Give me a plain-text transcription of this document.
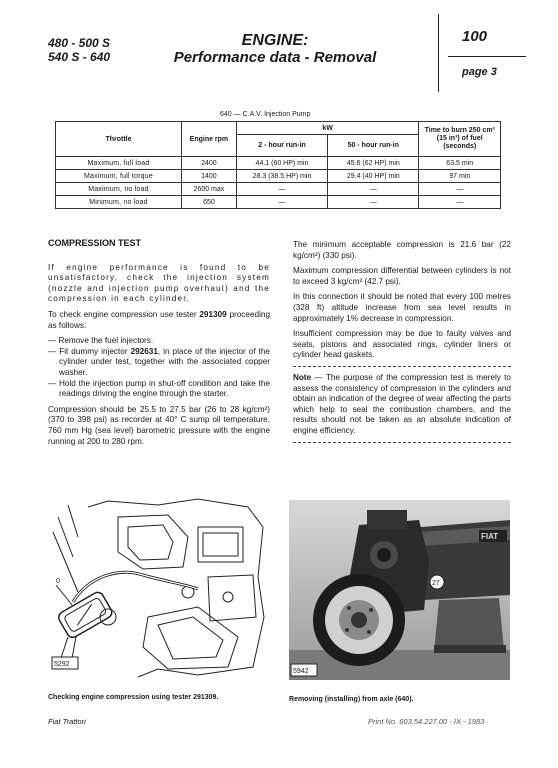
480 - 500 S
540 S - 640
ENGINE:
Performance data - Removal
100
page 3
640 — C.A.V. Injection Pump
Throttle	Engine rpm	kW		Time to burn 250 cm³ (15 in³) of fuel (seconds)
		2 - hour run-in	50 - hour run-in	
Maximum, full load	2400	44.1 (60 HP) min	45.6 (62 HP) min	63.5 min
Maximum, full torque	1400	28.3 (38.5 HP) min	29.4 (40 HP) min	97 min
Maximum, no load	2600 max	—	—	—
Minimum, no load	650	—	—	—

COMPRESSION TEST

If engine performance is found to be unsatisfactory, check the injection system (nozzle and injection pump overhaul) and the compression in each cylinder.

To check engine compression use tester 291309 proceeding as follows:

— Remove the fuel injectors.
— Fit dummy injector 292631, in place of the injector of the cylinder under test, together with the associated copper washer.
— Hold the injection pump in shut-off condition and take the readings driving the engine through the starter.

Compression should be 25.5 to 27.5 bar (26 to 28 kg/cm²) (370 to 398 psi) as recorder at 40° C sump oil temperature, 760 mm Hg (sea level) barometric pressure with the engine running at 200 to 280 rpm.

The minimum acceptable compression is 21.6 bar (22 kg/cm²) (330 psi).

Maximum compression differential between cylinders is not to exceed 3 kg/cm² (42.7 psi).

In this connection it should be noted that every 100 metres (328 ft) altitude increase from sea level results in approximately 1% decrease in compression.

Insufficient compression may be due to faulty valves and seats, pistons and associated rings, cylinder liners or cylinder head gaskets.

Note — The purpose of the compression test is merely to assess the consistency of compression in the cylinders and obtain an indication of the degree of wear affecting the parts which help to seal the combustion chambers, and the results should not be taken as an absolute indication of engine efficiency.

0
5292
FIAT
27
5942
Checking engine compression using tester 291309.	Removing (installing) from axle (640).
Fiat Trattori	Print No. 603.54.227.00 - IX - 1983
